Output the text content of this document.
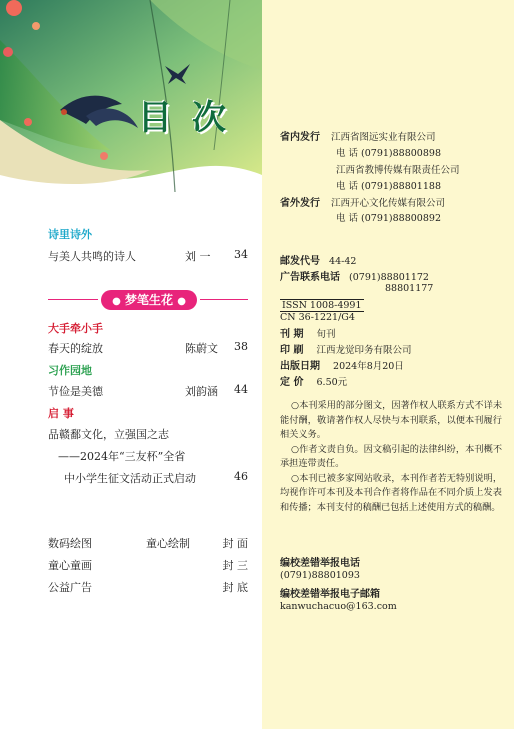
目次
诗里诗外
与美人共鸣的诗人	刘 一 34
● 梦笔生花 ●
大手牵小手
春天的绽放	陈蔚文 38
习作园地
节俭是美德	刘韵涵 44
启 事
品赣鄱文化，立强国之志
——2024年“三友杯”全省
中小学生征文活动正式启动	46
数码绘图	童心绘制	封 面
童心童画	封 三
公益广告	封 底
省内发行 江西省图远实业有限公司
电 话 (0791)88800898
江西省教博传媒有限责任公司
电 话 (0791)88801188
省外发行 江西开心文化传媒有限公司
电 话 (0791)88800892
邮发代号 44-42
广告联系电话 (0791)88801172
88801177
ISSN 1008-4991
CN 36-1221/G4
刊 期 旬刊
印 刷 江西龙觉印务有限公司
出版日期 2024年8月20日
定 价 6.50元

○本刊采用的部分图文，因著作权人联系方式不详未能付酬，敬请著作权人尽快与本刊联系，以便本刊履行相关义务。

○作者文责自负。因文稿引起的法律纠纷，本刊概不承担连带责任。

○本刊已被多家网站收录，本刊作者若无特别说明，均视作许可本刊及本刊合作者将作品在不同介质上发表和传播；本刊支付的稿酬已包括上述使用方式的稿酬。

编校差错举报电话
(0791)88801093
编校差错举报电子邮箱
kanwuchacuo@163.com
